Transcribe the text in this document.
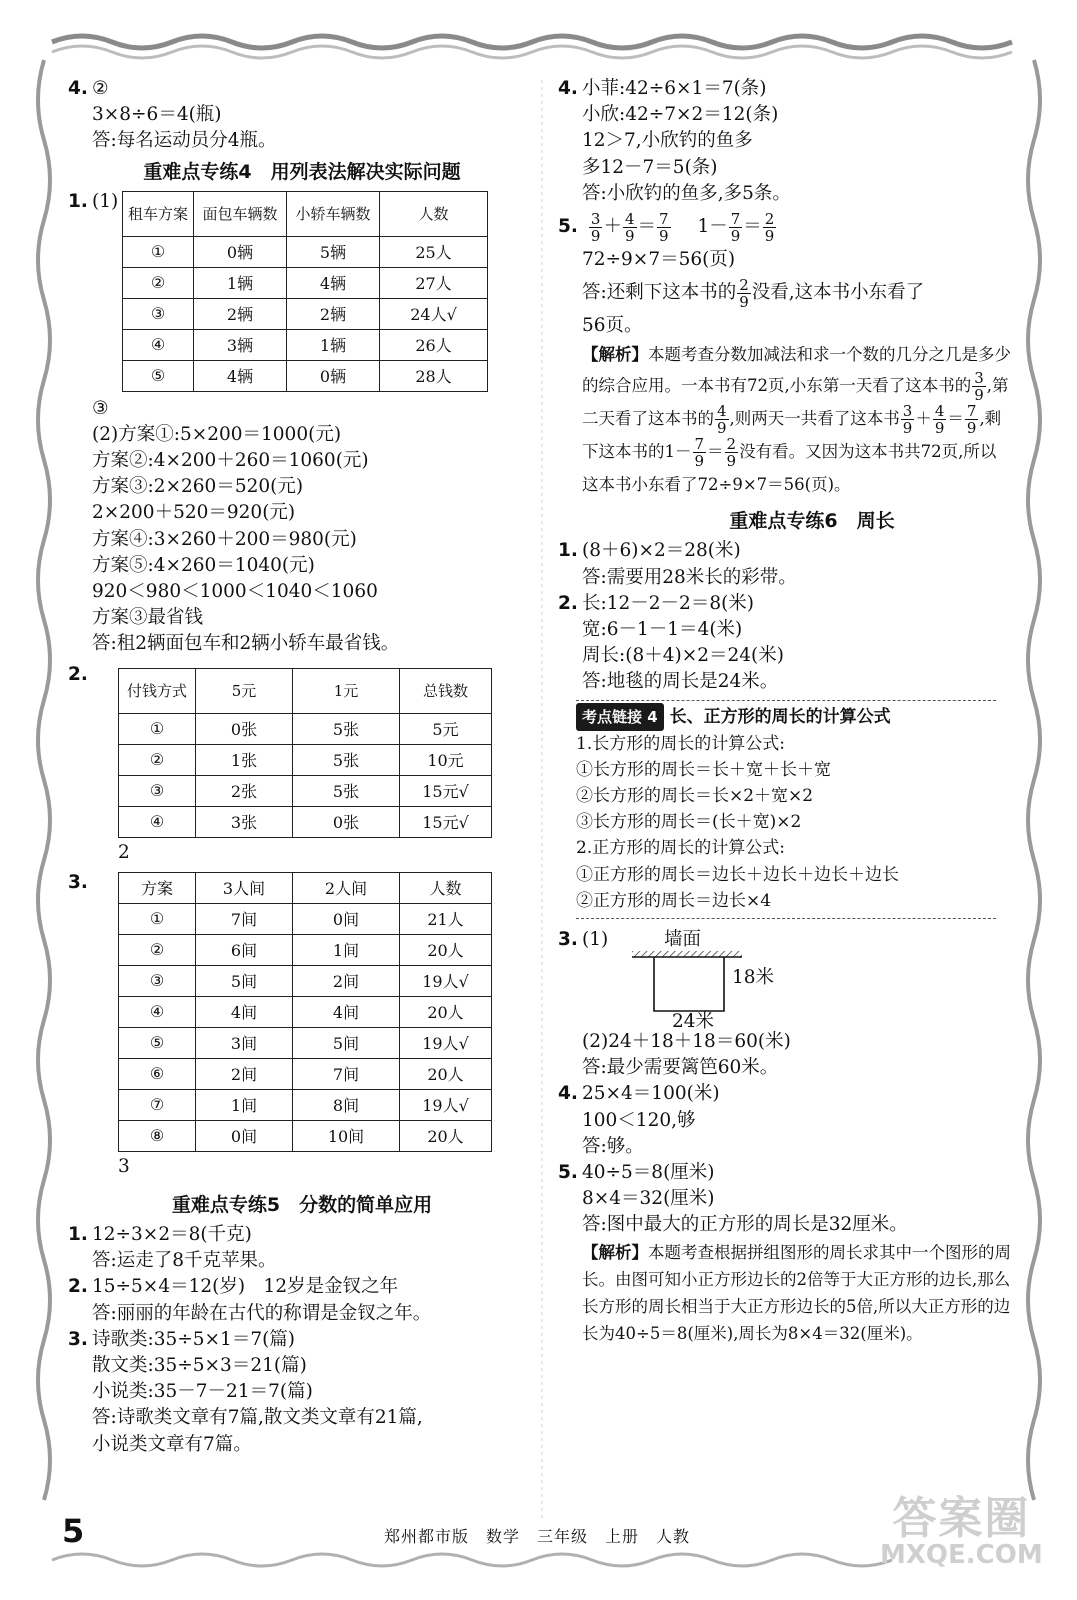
4. ②
3×8÷6＝4(瓶)
答:每名运动员分4瓶。
重难点专练4　用列表法解决实际问题
1. (1)
租车方案	面包车辆数	小轿车辆数	人数
①	0辆	5辆	25人
②	1辆	4辆	27人
③	2辆	2辆	24人√
④	3辆	1辆	26人
⑤	4辆	0辆	28人
③
(2)方案①:5×200＝1000(元)
方案②:4×200＋260＝1060(元)
方案③:2×260＝520(元)
2×200＋520＝920(元)
方案④:3×260＋200＝980(元)
方案⑤:4×260＝1040(元)
920＜980＜1000＜1040＜1060
方案③最省钱
答:租2辆面包车和2辆小轿车最省钱。
2.
付钱方式	5元	1元	总钱数
①	0张	5张	5元
②	1张	5张	10元
③	2张	5张	15元√
④	3张	0张	15元√
2
3.	方案	3人间	2人间	人数
①	7间	0间	21人
②	6间	1间	20人
③	5间	2间	19人√
④	4间	4间	20人
⑤	3间	5间	19人√
⑥	2间	7间	20人
⑦	1间	8间	19人√
⑧	0间	10间	20人
3
重难点专练5　分数的简单应用
1. 12÷3×2＝8(千克)
答:运走了8千克苹果。
2. 15÷5×4＝12(岁)　12岁是金钗之年
答:丽丽的年龄在古代的称谓是金钗之年。
3. 诗歌类:35÷5×1＝7(篇)
散文类:35÷5×3＝21(篇)
小说类:35－7－21＝7(篇)
答:诗歌类文章有7篇,散文类文章有21篇,
小说类文章有7篇。
4. 小菲:42÷6×1＝7(条)
小欣:42÷7×2＝12(条)
12＞7,小欣钓的鱼多
多12－7＝5(条)
答:小欣钓的鱼多,多5条。
5. $\frac{3}{9} + \frac{4}{9} = \frac{7}{9} 1- \frac{7}{9} = \frac{2}{9}$
72÷9×7＝56(页)
答:还剩下这本书的 $\frac{2}{9}$ 没看,这本书小东看了
56页。
【解析】本题考查分数加减法和求一个数的几分之几是多少的综合应用。一本书有72页,小东第一天看了这本书的 $\frac{3}{9}$ ,第二天看了这本书的 $\frac{4}{9}$ ,则两天一共看了这本书 $\frac{3}{9} + \frac{4}{9} = \frac{7}{9}$ ,剩下这本书的$1- \frac{7}{9} = \frac{2}{9}$ 没有看。又因为这本书共72页,所以这本书小东看了72÷9×7＝56(页)。
重难点专练6　周长
1. (8＋6)×2＝28(米)
答:需要用28米长的彩带。
2. 长:12－2－2＝8(米)
宽:6－1－1＝4(米)
周长:(8＋4)×2＝24(米)
答:地毯的周长是24米。
考点链接 4 长、正方形的周长的计算公式
1.长方形的周长的计算公式:
①长方形的周长＝长＋宽＋长＋宽
②长方形的周长＝长×2＋宽×2
③长方形的周长＝(长＋宽)×2
2.正方形的周长的计算公式:
①正方形的周长＝边长＋边长＋边长＋边长
②正方形的周长＝边长×4
3. (1)	墙面
18米
24米
(2)24＋18＋18＝60(米)
答:最少需要篱笆60米。
4. 25×4＝100(米)
100＜120,够
答:够。
5. 40÷5＝8(厘米)
8×4＝32(厘米)
答:图中最大的正方形的周长是32厘米。
【解析】本题考查根据拼组图形的周长求其中一个图形的周长。由图可知小正方形边长的2倍等于大正方形的边长,那么长方形的周长相当于大正方形边长的5倍,所以大正方形的边长为40÷5＝8(厘米),周长为8×4＝32(厘米)。
5	郑州都市版　数学　三年级　上册　人教	答案圈
MXQE.COM
